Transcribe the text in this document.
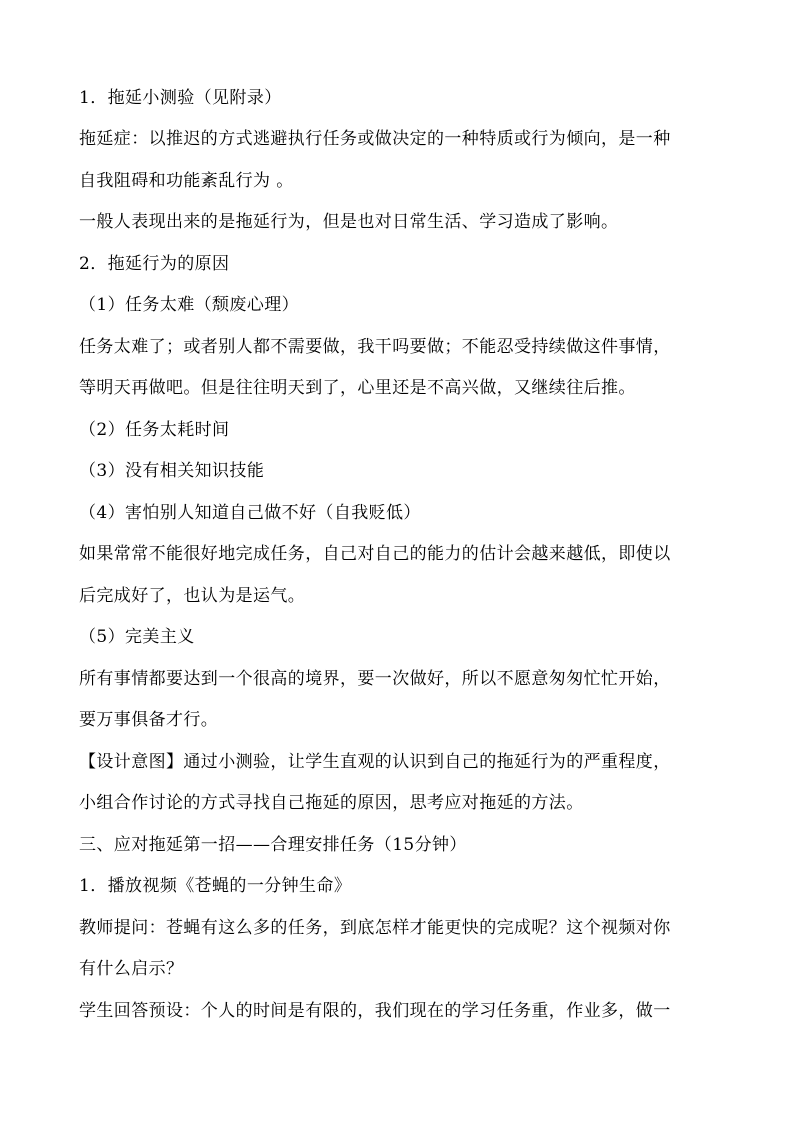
1．拖延小测验（见附录）
拖延症：以推迟的方式逃避执行任务或做决定的一种特质或行为倾向，是一种
自我阻碍和功能紊乱行为 。
一般人表现出来的是拖延行为，但是也对日常生活、学习造成了影响。
2．拖延行为的原因
（1）任务太难（颓废心理）
任务太难了；或者别人都不需要做，我干吗要做；不能忍受持续做这件事情，
等明天再做吧。但是往往明天到了，心里还是不高兴做，又继续往后推。
（2）任务太耗时间
（3）没有相关知识技能
（4）害怕别人知道自己做不好（自我贬低）
如果常常不能很好地完成任务，自己对自己的能力的估计会越来越低，即使以
后完成好了，也认为是运气。
（5）完美主义
所有事情都要达到一个很高的境界，要一次做好，所以不愿意匆匆忙忙开始，
要万事俱备才行。
【设计意图】通过小测验，让学生直观的认识到自己的拖延行为的严重程度，
小组合作讨论的方式寻找自己拖延的原因，思考应对拖延的方法。
三、应对拖延第一招——合理安排任务（15分钟）
1．播放视频《苍蝇的一分钟生命》
教师提问：苍蝇有这么多的任务，到底怎样才能更快的完成呢？这个视频对你
有什么启示？
学生回答预设：个人的时间是有限的，我们现在的学习任务重，作业多，做一
